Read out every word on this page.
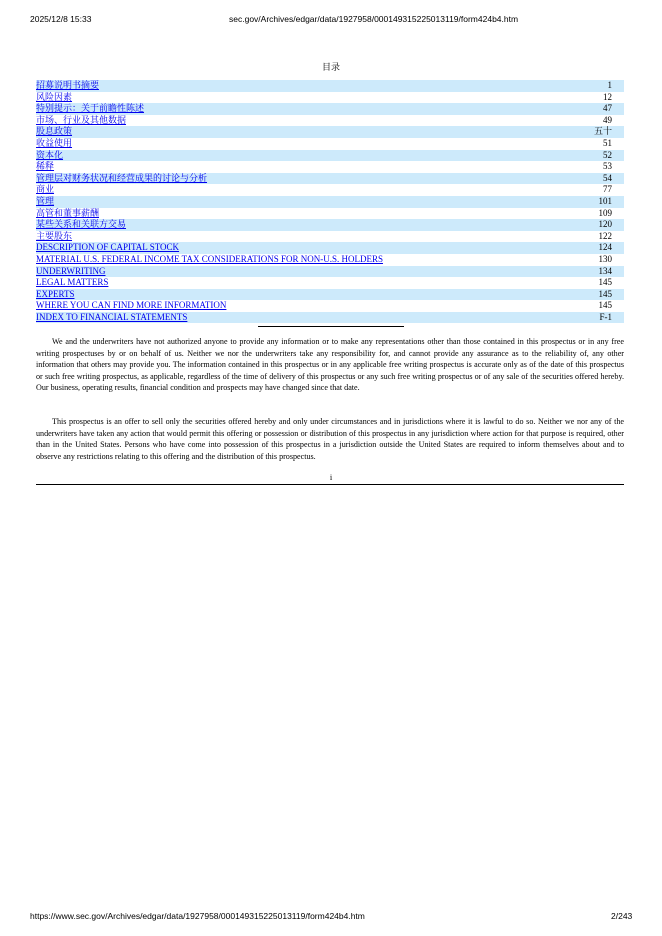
2025/12/8 15:33	sec.gov/Archives/edgar/data/1927958/000149315225013119/form424b4.htm
目录
招募说明书摘要	1
风险因素	12
特别提示：关于前瞻性陈述	47
市场、行业及其他数据	49
股息政策	五十
收益使用	51
资本化	52
稀释	53
管理层对财务状况和经营成果的讨论与分析	54
商业	77
管理	101
高管和董事薪酬	109
某些关系和关联方交易	120
主要股东	122
DESCRIPTION OF CAPITAL STOCK	124
MATERIAL U.S. FEDERAL INCOME TAX CONSIDERATIONS FOR NON-U.S. HOLDERS	130
UNDERWRITING	134
LEGAL MATTERS	145
EXPERTS	145
WHERE YOU CAN FIND MORE INFORMATION	145
INDEX TO FINANCIAL STATEMENTS	F-1

We and the underwriters have not authorized anyone to provide any information or to make any representations other than those contained in this prospectus or in any free writing prospectuses by or on behalf of us. Neither we nor the underwriters take any responsibility for, and cannot provide any assurance as to the reliability of, any other information that others may provide you. The information contained in this prospectus or in any applicable free writing prospectus is accurate only as of the date of this prospectus or such free writing prospectus, as applicable, regardless of the time of delivery of this prospectus or any such free writing prospectus or of any sale of the securities offered hereby. Our business, operating results, financial condition and prospects may have changed since that date.

This prospectus is an offer to sell only the securities offered hereby and only under circumstances and in jurisdictions where it is lawful to do so. Neither we nor any of the underwriters have taken any action that would permit this offering or possession or distribution of this prospectus in any jurisdiction where action for that purpose is required, other than in the United States. Persons who have come into possession of this prospectus in a jurisdiction outside the United States are required to inform themselves about and to observe any restrictions relating to this offering and the distribution of this prospectus.

i
https://www.sec.gov/Archives/edgar/data/1927958/000149315225013119/form424b4.htm	2/243
